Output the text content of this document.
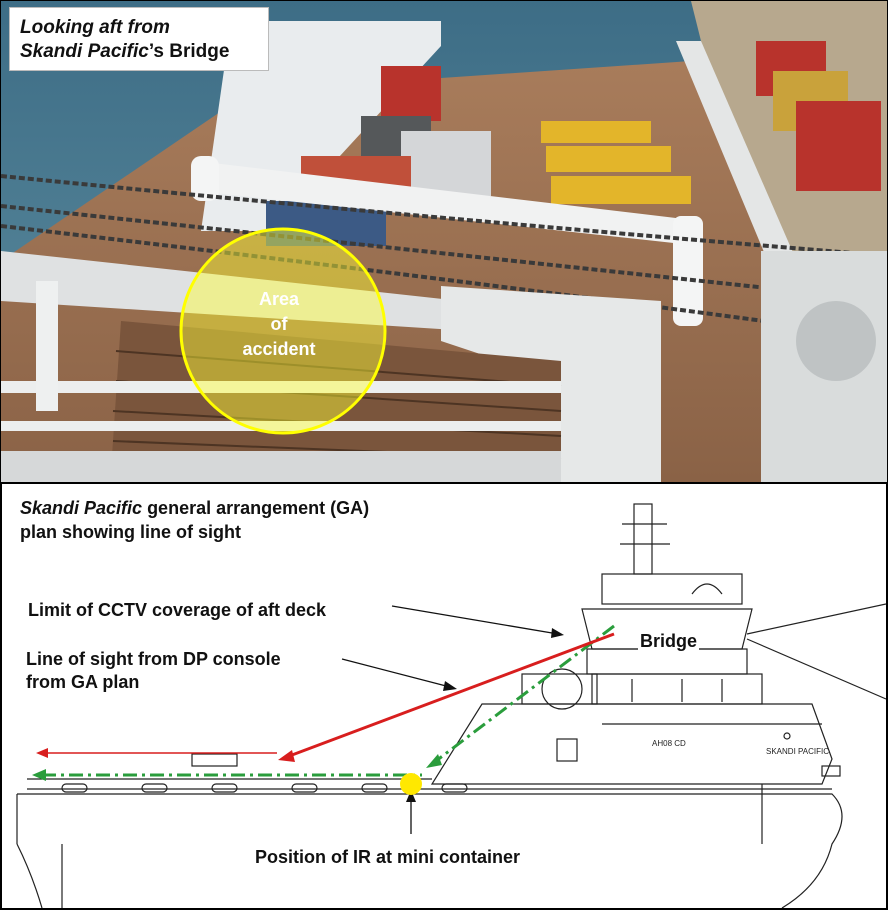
Looking aft from
Skandi Pacific’s Bridge
Area
of
accident
AH08 CD
SKANDI PACIFIC
Skandi Pacific general arrangement (GA)
plan showing line of sight
Limit of CCTV coverage of aft deck
Line of sight from DP console
from GA plan
Bridge
Position of IR at mini container
